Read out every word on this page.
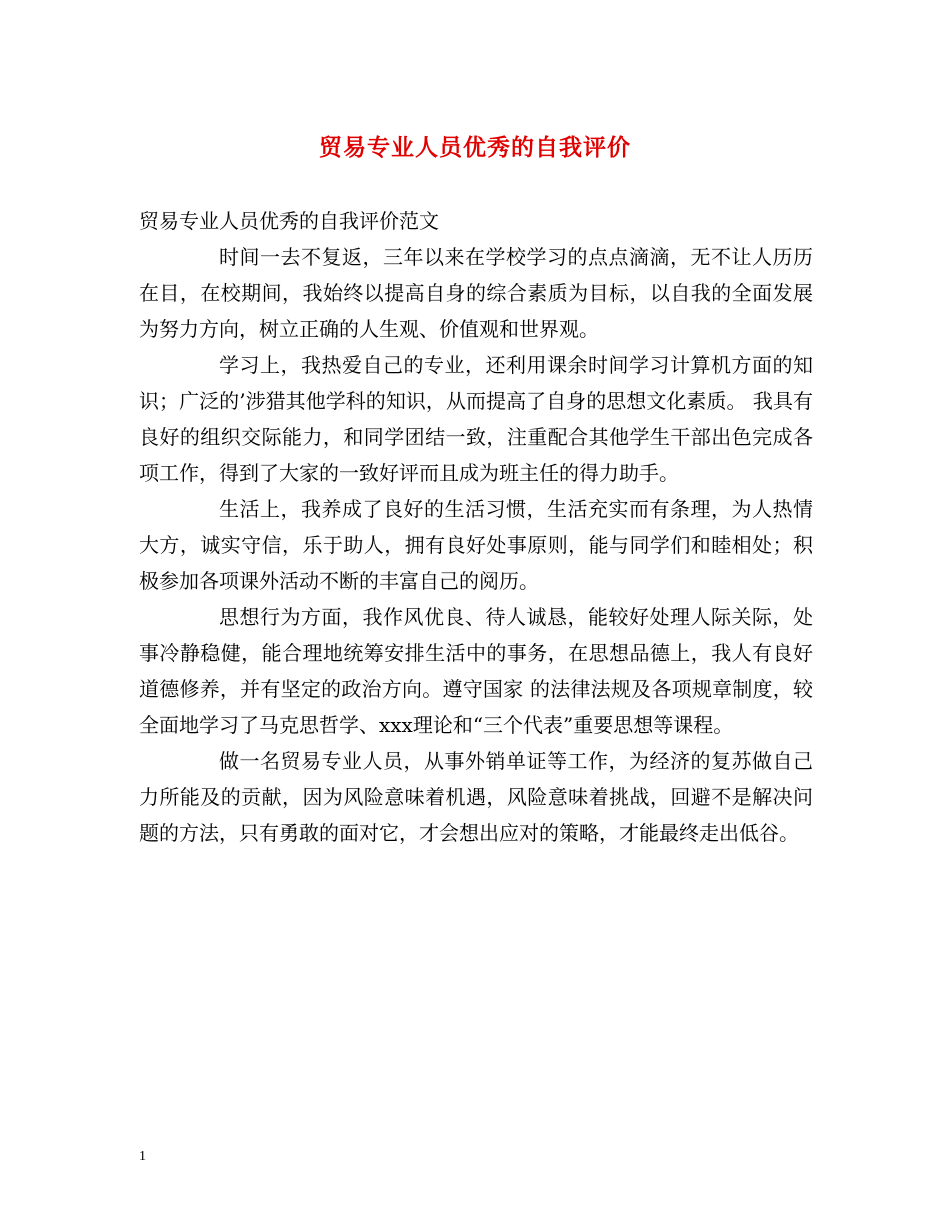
贸易专业人员优秀的自我评价

贸易专业人员优秀的自我评价范文

时间一去不复返，三年以来在学校学习的点点滴滴，无不让人历历在目，在校期间，我始终以提高自身的综合素质为目标，以自我的全面发展为努力方向，树立正确的人生观、价值观和世界观。

学习上，我热爱自己的专业，还利用课余时间学习计算机方面的知识；广泛的’涉猎其他学科的知识，从而提高了自身的思想文化素质。 我具有良好的组织交际能力，和同学团结一致，注重配合其他学生干部出色完成各项工作，得到了大家的一致好评而且成为班主任的得力助手。

生活上，我养成了良好的生活习惯，生活充实而有条理，为人热情大方，诚实守信，乐于助人，拥有良好处事原则，能与同学们和睦相处；积极参加各项课外活动不断的丰富自己的阅历。

思想行为方面，我作风优良、待人诚恳，能较好处理人际关际，处事冷静稳健，能合理地统筹安排生活中的事务，在思想品德上，我人有良好道德修养，并有坚定的政治方向。遵守国家 的法律法规及各项规章制度，较全面地学习了马克思哲学、xxx理论和“三个代表”重要思想等课程。

做一名贸易专业人员，从事外销单证等工作，为经济的复苏做自己力所能及的贡献，因为风险意味着机遇，风险意味着挑战，回避不是解决问题的方法，只有勇敢的面对它，才会想出应对的策略，才能最终走出低谷。

1
